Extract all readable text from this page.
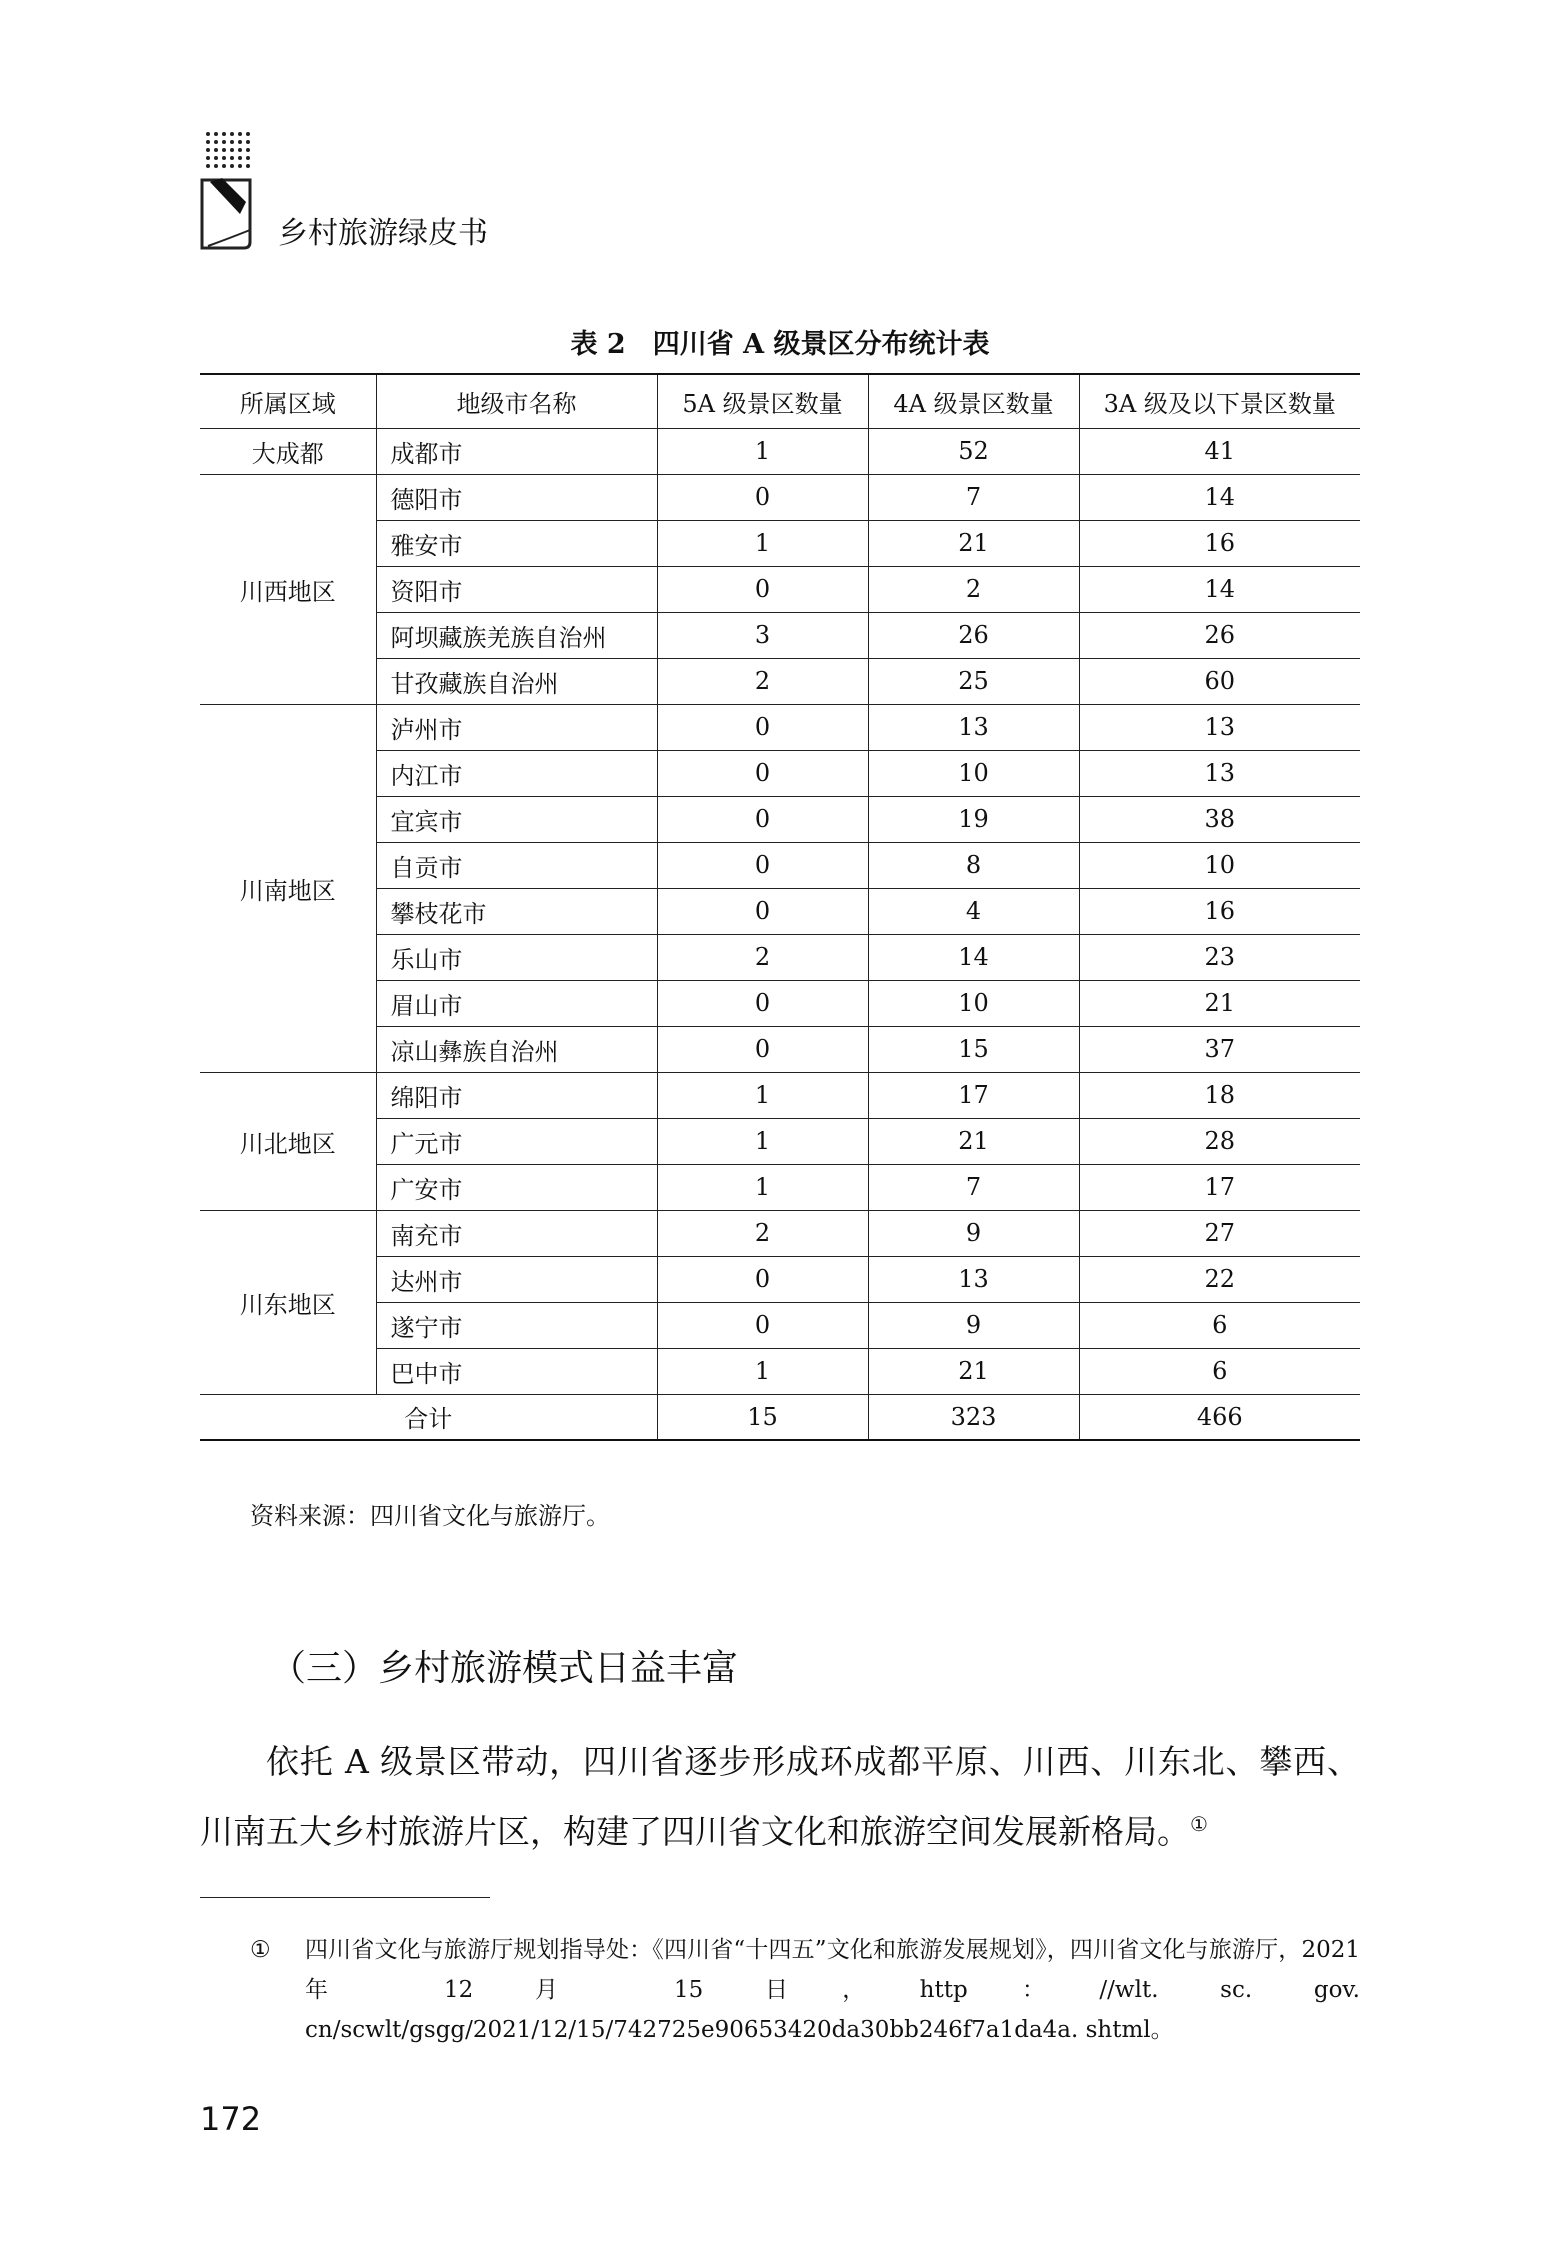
乡村旅游绿皮书
表 2　四川省 A 级景区分布统计表
所属区域	地级市名称	5A 级景区数量	4A 级景区数量	3A 级及以下景区数量
大成都	成都市	1	52	41
川西地区	德阳市	0	7	14
	雅安市	1	21	16
	资阳市	0	2	14
	阿坝藏族羌族自治州	3	26	26
	甘孜藏族自治州	2	25	60
川南地区	泸州市	0	13	13
	内江市	0	10	13
	宜宾市	0	19	38
	自贡市	0	8	10
	攀枝花市	0	4	16
	乐山市	2	14	23
	眉山市	0	10	21
	凉山彝族自治州	0	15	37
川北地区	绵阳市	1	17	18
	广元市	1	21	28
	广安市	1	7	17
川东地区	南充市	2	9	27
	达州市	0	13	22
	遂宁市	0	9	6
	巴中市	1	21	6
合计		15	323	466
资料来源：四川省文化与旅游厅。
（三）乡村旅游模式日益丰富
依托 A 级景区带动，四川省逐步形成环成都平原、川西、川东北、攀西、川南五大乡村旅游片区，构建了四川省文化和旅游空间发展新格局。①
①	四川省文化与旅游厅规划指导处：《四川省“十四五”文化和旅游发展规划》，四川省文化与旅游厅，2021 年 12 月 15 日，http：//wlt. sc. gov. cn/scwlt/gsgg/2021/12/15/742725e90653420da30bb246f7a1da4a. shtml。
172
